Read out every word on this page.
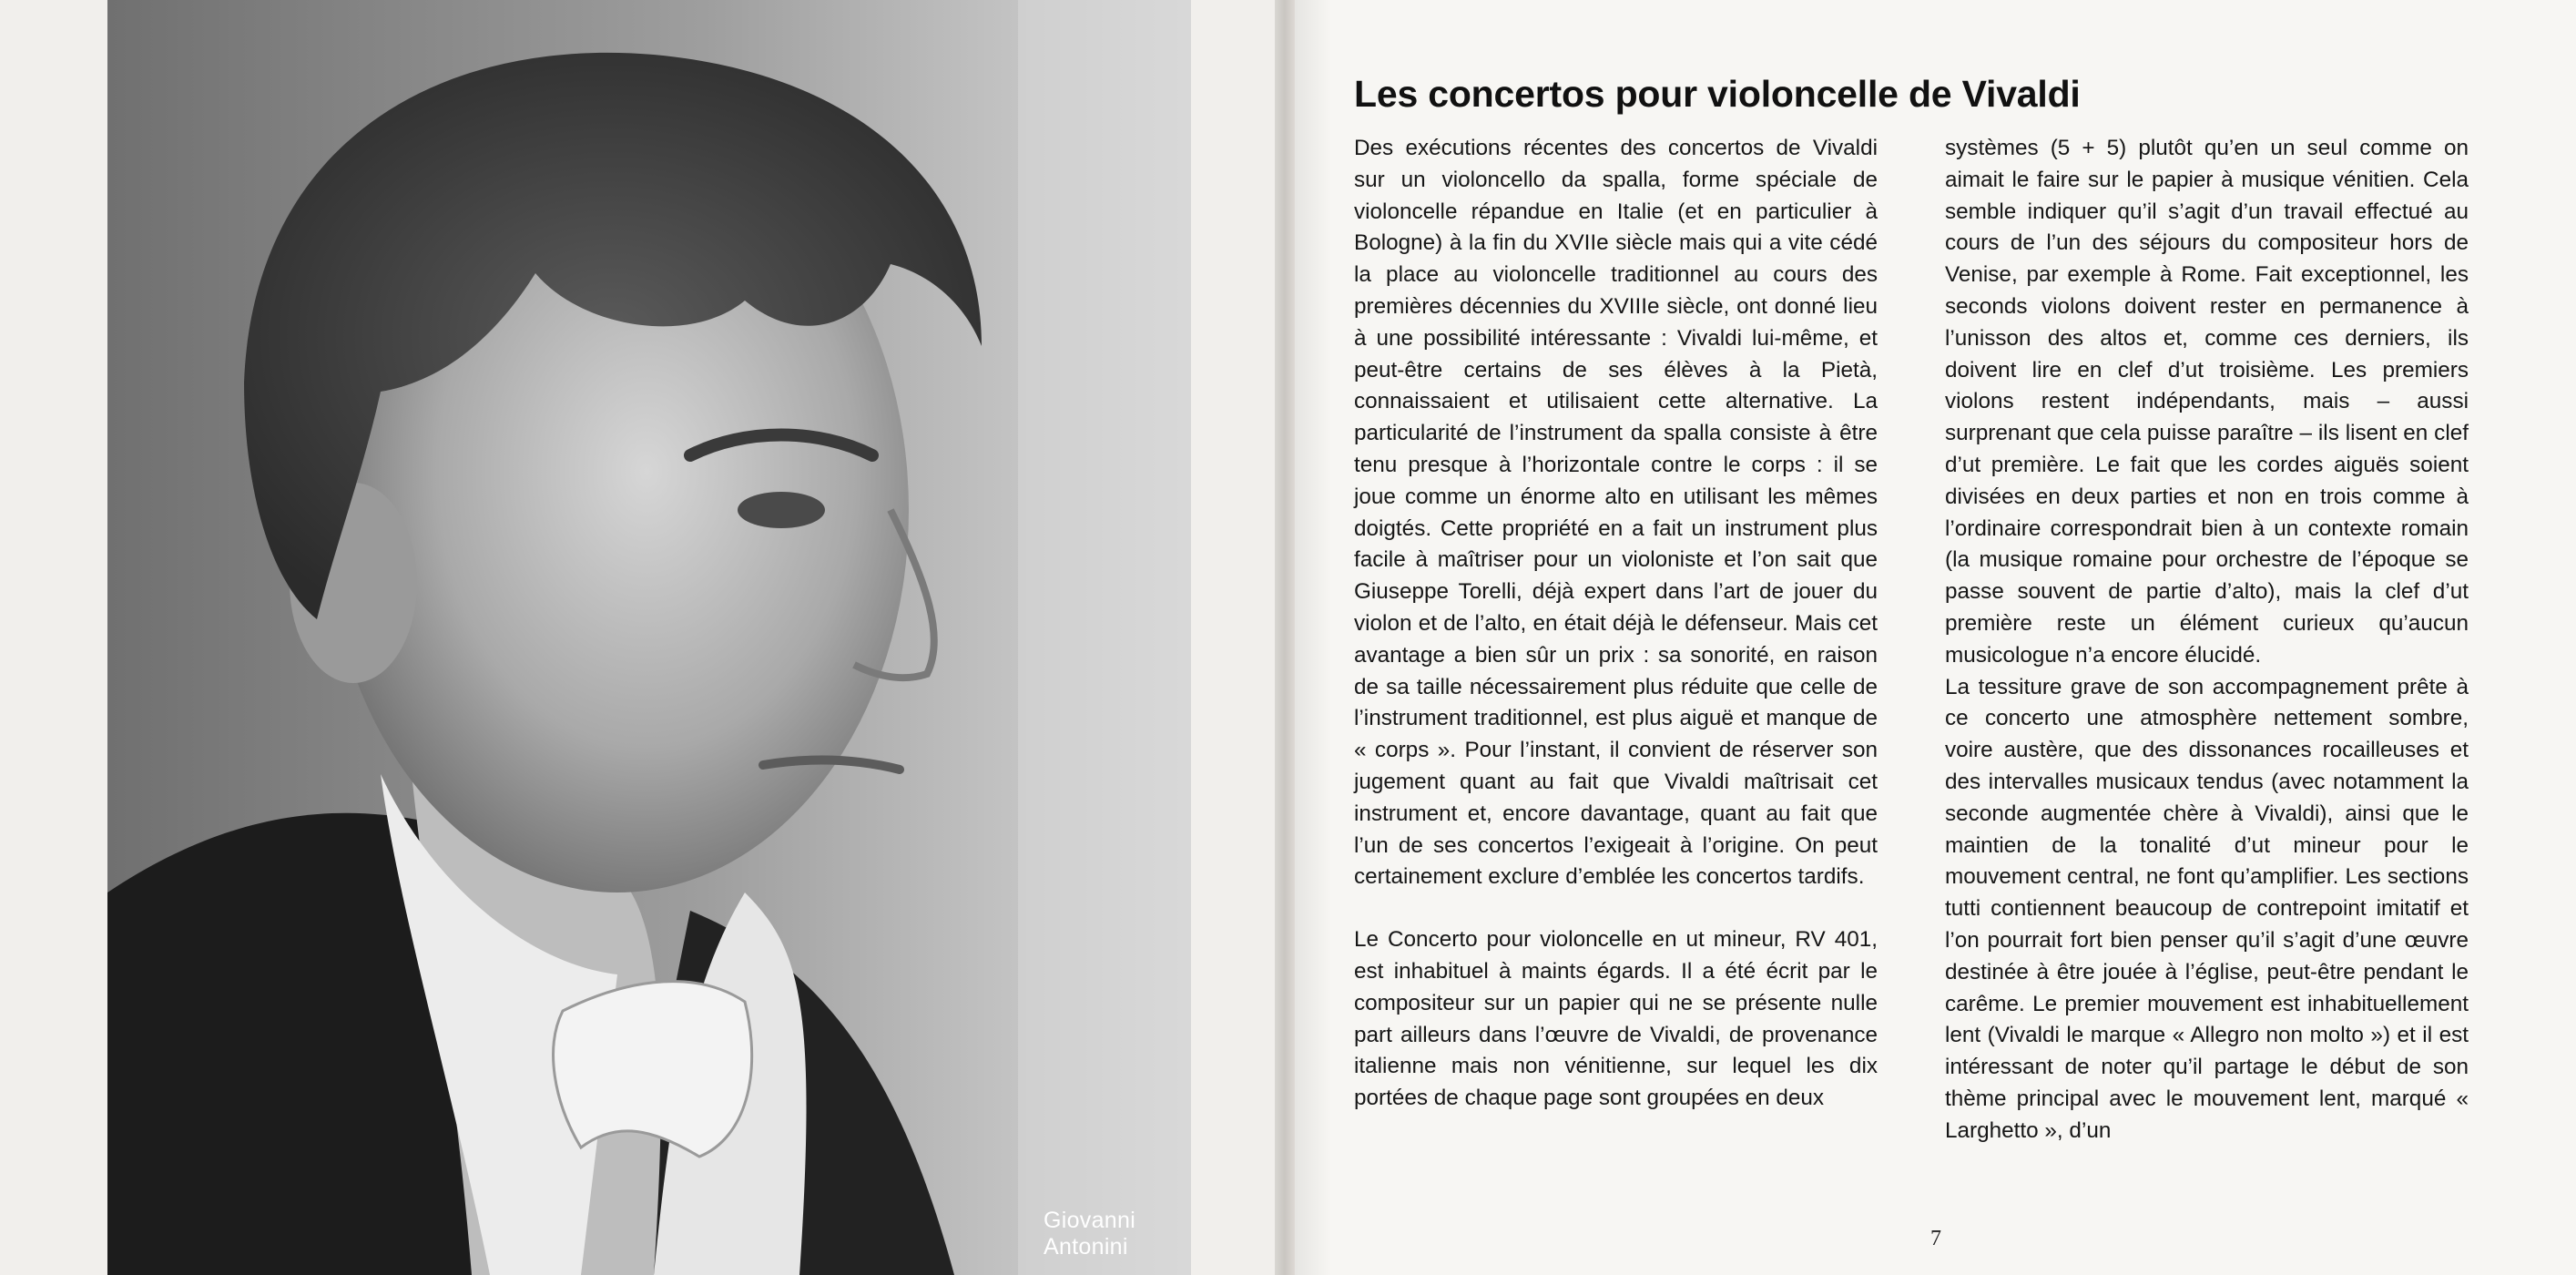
Giovanni Antonini
Les concertos pour violoncelle de Vivaldi

Des exécutions récentes des concertos de Vivaldi sur un violoncello da spalla, forme spéciale de violoncelle répandue en Italie (et en particulier à Bologne) à la fin du XVIIe siècle mais qui a vite cédé la place au violoncelle traditionnel au cours des premières décennies du XVIIIe siècle, ont donné lieu à une possibilité intéressante : Vivaldi lui-même, et peut-être certains de ses élèves à la Pietà, connaissaient et utilisaient cette alternative. La particularité de l’instrument da spalla consiste à être tenu presque à l’horizontale contre le corps : il se joue comme un énorme alto en utilisant les mêmes doigtés. Cette propriété en a fait un instrument plus facile à maîtriser pour un violoniste et l’on sait que Giuseppe Torelli, déjà expert dans l’art de jouer du violon et de l’alto, en était déjà le défenseur. Mais cet avantage a bien sûr un prix : sa sonorité, en raison de sa taille nécessairement plus réduite que celle de l’instrument traditionnel, est plus aiguë et manque de « corps ». Pour l’instant, il convient de réserver son jugement quant au fait que Vivaldi maîtrisait cet instrument et, encore davantage, quant au fait que l’un de ses concertos l’exigeait à l’origine. On peut certainement exclure d’emblée les concertos tardifs.

Le Concerto pour violoncelle en ut mineur, RV 401, est inhabituel à maints égards. Il a été écrit par le compositeur sur un papier qui ne se présente nulle part ailleurs dans l’œuvre de Vivaldi, de provenance italienne mais non vénitienne, sur lequel les dix portées de chaque page sont groupées en deux

systèmes (5 + 5) plutôt qu’en un seul comme on aimait le faire sur le papier à musique vénitien. Cela semble indiquer qu’il s’agit d’un travail effectué au cours de l’un des séjours du compositeur hors de Venise, par exemple à Rome. Fait exceptionnel, les seconds violons doivent rester en permanence à l’unisson des altos et, comme ces derniers, ils doivent lire en clef d’ut troisième. Les premiers violons restent indépendants, mais – aussi surprenant que cela puisse paraître – ils lisent en clef d’ut première. Le fait que les cordes aiguës soient divisées en deux parties et non en trois comme à l’ordinaire correspondrait bien à un contexte romain (la musique romaine pour orchestre de l’époque se passe souvent de partie d’alto), mais la clef d’ut première reste un élément curieux qu’aucun musicologue n’a encore élucidé.

La tessiture grave de son accompagnement prête à ce concerto une atmosphère nettement sombre, voire austère, que des dissonances rocailleuses et des intervalles musicaux tendus (avec notamment la seconde augmentée chère à Vivaldi), ainsi que le maintien de la tonalité d’ut mineur pour le mouvement central, ne font qu’amplifier. Les sections tutti contiennent beaucoup de contrepoint imitatif et l’on pourrait fort bien penser qu’il s’agit d’une œuvre destinée à être jouée à l’église, peut-être pendant le carême. Le premier mouvement est inhabituellement lent (Vivaldi le marque « Allegro non molto ») et il est intéressant de noter qu’il partage le début de son thème principal avec le mouvement lent, marqué « Larghetto », d’un

7
